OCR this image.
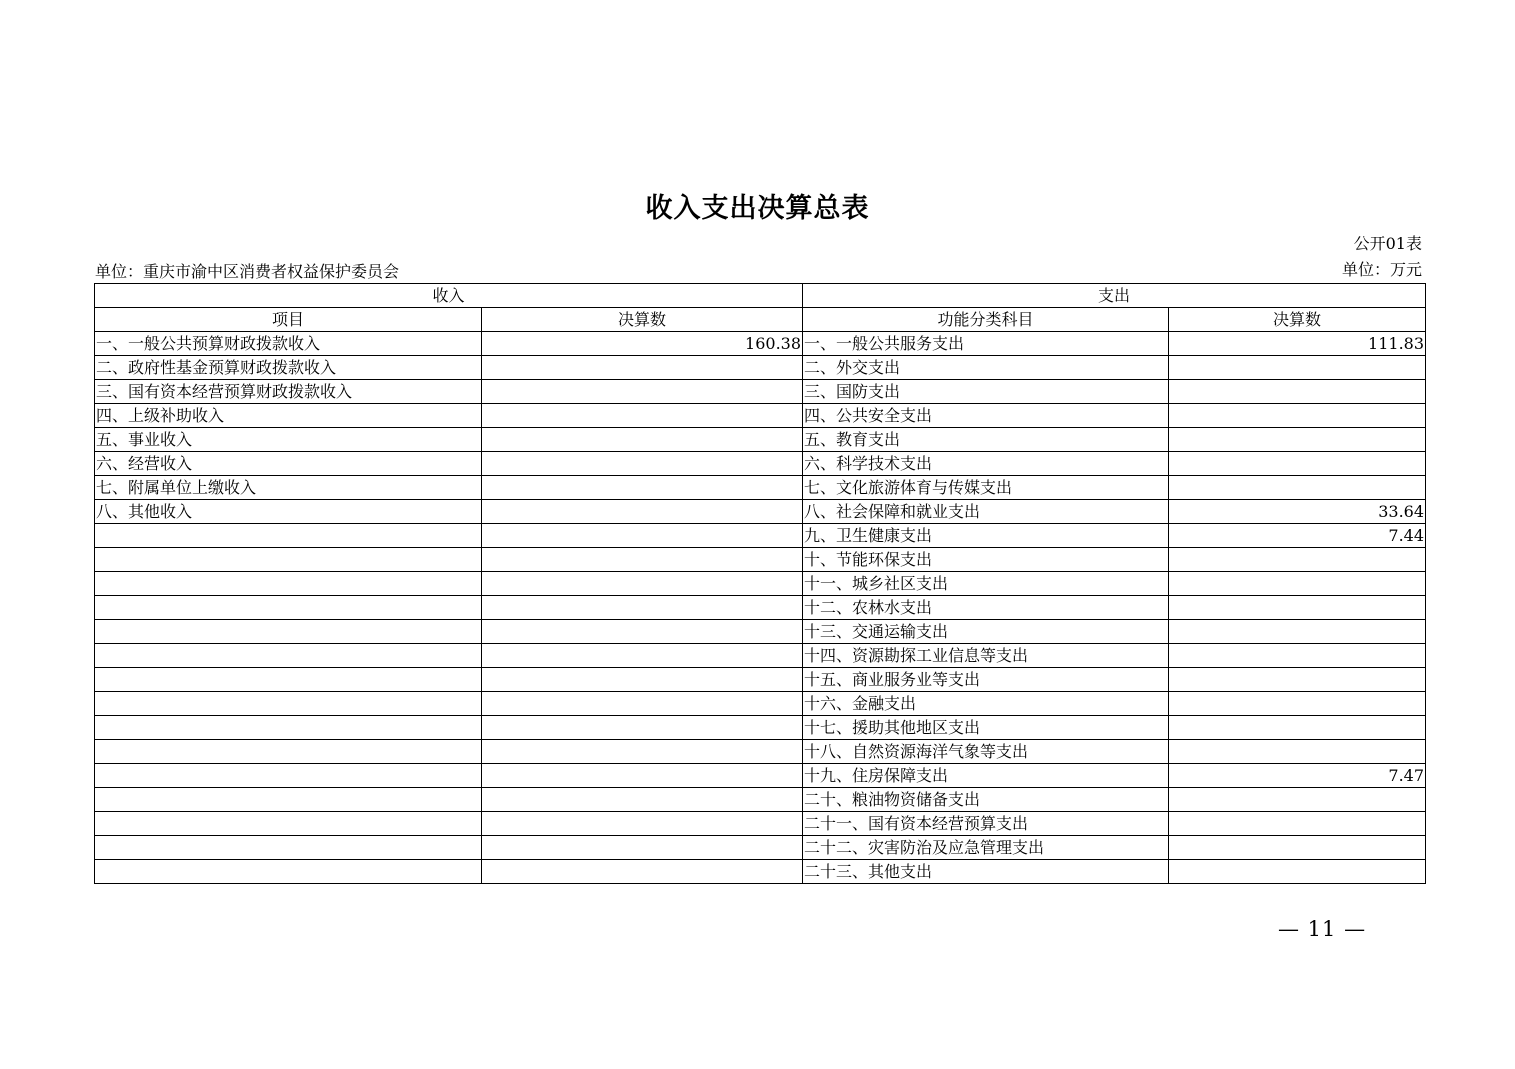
收入支出决算总表
公开01表
单位：重庆市渝中区消费者权益保护委员会	单位：万元
收入		支出	
项目	决算数	功能分类科目	决算数
一、一般公共预算财政拨款收入	160.38	一、一般公共服务支出	111.83
二、政府性基金预算财政拨款收入		二、外交支出	
三、国有资本经营预算财政拨款收入		三、国防支出	
四、上级补助收入		四、公共安全支出	
五、事业收入		五、教育支出	
六、经营收入		六、科学技术支出	
七、附属单位上缴收入		七、文化旅游体育与传媒支出	
八、其他收入		八、社会保障和就业支出	33.64
		九、卫生健康支出	7.44
		十、节能环保支出	
		十一、城乡社区支出	
		十二、农林水支出	
		十三、交通运输支出	
		十四、资源勘探工业信息等支出	
		十五、商业服务业等支出	
		十六、金融支出	
		十七、援助其他地区支出	
		十八、自然资源海洋气象等支出	
		十九、住房保障支出	7.47
		二十、粮油物资储备支出	
		二十一、国有资本经营预算支出	
		二十二、灾害防治及应急管理支出	
		二十三、其他支出	
— 11 —
